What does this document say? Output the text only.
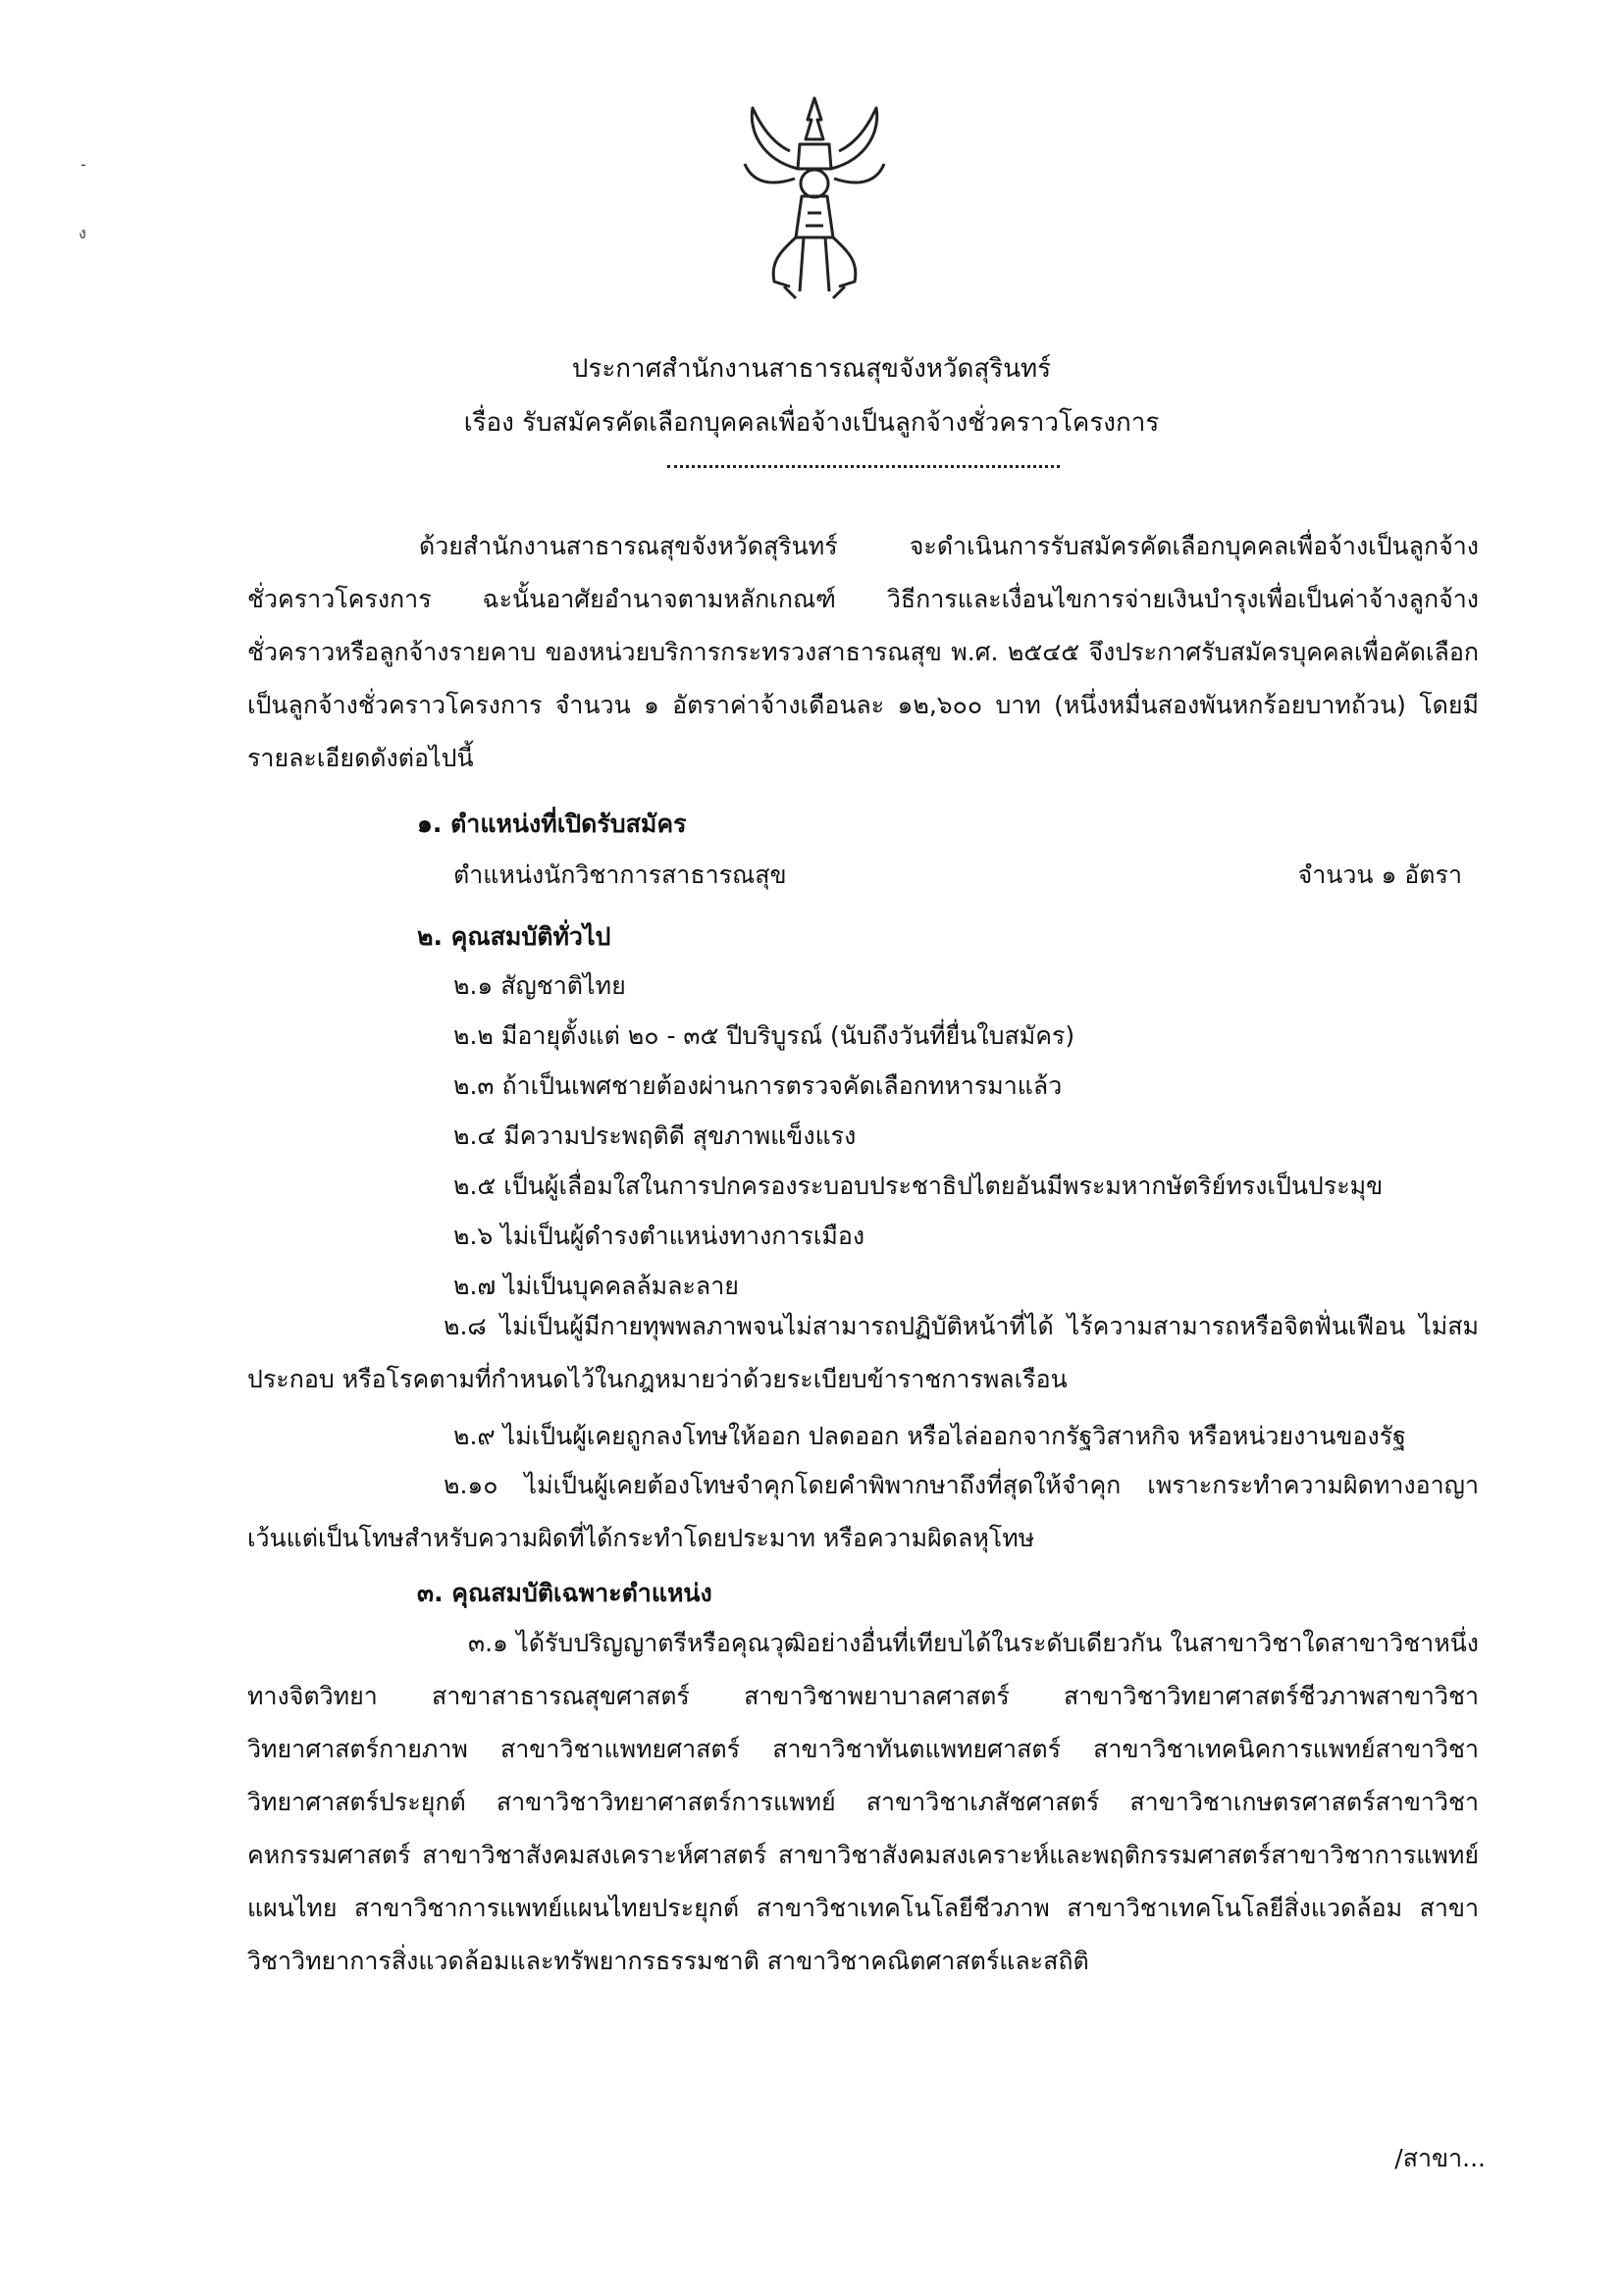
-
ง
ประกาศสำนักงานสาธารณสุขจังหวัดสุรินทร์
เรื่อง รับสมัครคัดเลือกบุคคลเพื่อจ้างเป็นลูกจ้างชั่วคราวโครงการ
ด้วยสำนักงานสาธารณสุขจังหวัดสุรินทร์ จะดำเนินการรับสมัครคัดเลือกบุคคลเพื่อจ้างเป็นลูกจ้างชั่วคราวโครงการ ฉะนั้นอาศัยอำนาจตามหลักเกณฑ์ วิธีการและเงื่อนไขการจ่ายเงินบำรุงเพื่อเป็นค่าจ้างลูกจ้างชั่วคราวหรือลูกจ้างรายคาบ ของหน่วยบริการกระทรวงสาธารณสุข พ.ศ. ๒๕๔๕ จึงประกาศรับสมัครบุคคลเพื่อคัดเลือกเป็นลูกจ้างชั่วคราวโครงการ จำนวน ๑ อัตราค่าจ้างเดือนละ ๑๒,๖๐๐ บาท (หนึ่งหมื่นสองพันหกร้อยบาทถ้วน) โดยมีรายละเอียดดังต่อไปนี้
๑. ตำแหน่งที่เปิดรับสมัคร
ตำแหน่งนักวิชาการสาธารณสุข	จำนวน ๑ อัตรา
๒. คุณสมบัติทั่วไป
๒.๑ สัญชาติไทย
๒.๒ มีอายุตั้งแต่ ๒๐ - ๓๕ ปีบริบูรณ์ (นับถึงวันที่ยื่นใบสมัคร)
๒.๓ ถ้าเป็นเพศชายต้องผ่านการตรวจคัดเลือกทหารมาแล้ว
๒.๔ มีความประพฤติดี สุขภาพแข็งแรง
๒.๕ เป็นผู้เลื่อมใสในการปกครองระบอบประชาธิปไตยอันมีพระมหากษัตริย์ทรงเป็นประมุข
๒.๖ ไม่เป็นผู้ดำรงตำแหน่งทางการเมือง
๒.๗ ไม่เป็นบุคคลล้มละลาย
๒.๘ ไม่เป็นผู้มีกายทุพพลภาพจนไม่สามารถปฏิบัติหน้าที่ได้ ไร้ความสามารถหรือจิตฟั่นเฟือน ไม่สมประกอบ หรือโรคตามที่กำหนดไว้ในกฎหมายว่าด้วยระเบียบข้าราชการพลเรือน
๒.๙ ไม่เป็นผู้เคยถูกลงโทษให้ออก ปลดออก หรือไล่ออกจากรัฐวิสาหกิจ หรือหน่วยงานของรัฐ
๒.๑๐ ไม่เป็นผู้เคยต้องโทษจำคุกโดยคำพิพากษาถึงที่สุดให้จำคุก เพราะกระทำความผิดทางอาญา เว้นแต่เป็นโทษสำหรับความผิดที่ได้กระทำโดยประมาท หรือความผิดลหุโทษ
๓. คุณสมบัติเฉพาะตำแหน่ง
๓.๑ ได้รับปริญญาตรีหรือคุณวุฒิอย่างอื่นที่เทียบได้ในระดับเดียวกัน ในสาขาวิชาใดสาขาวิชาหนึ่งทางจิตวิทยา สาขาสาธารณสุขศาสตร์ สาขาวิชาพยาบาลศาสตร์ สาขาวิชาวิทยาศาสตร์ชีวภาพสาขาวิชาวิทยาศาสตร์กายภาพ สาขาวิชาแพทยศาสตร์ สาขาวิชาทันตแพทยศาสตร์ สาขาวิชาเทคนิคการแพทย์สาขาวิชาวิทยาศาสตร์ประยุกต์ สาขาวิชาวิทยาศาสตร์การแพทย์ สาขาวิชาเภสัชศาสตร์ สาขาวิชาเกษตรศาสตร์สาขาวิชาคหกรรมศาสตร์ สาขาวิชาสังคมสงเคราะห์ศาสตร์ สาขาวิชาสังคมสงเคราะห์และพฤติกรรมศาสตร์สาขาวิชาการแพทย์แผนไทย สาขาวิชาการแพทย์แผนไทยประยุกต์ สาขาวิชาเทคโนโลยีชีวภาพ สาขาวิชาเทคโนโลยีสิ่งแวดล้อม สาขาวิชาวิทยาการสิ่งแวดล้อมและทรัพยากรธรรมชาติ สาขาวิชาคณิตศาสตร์และสถิติ
/สาขา...
